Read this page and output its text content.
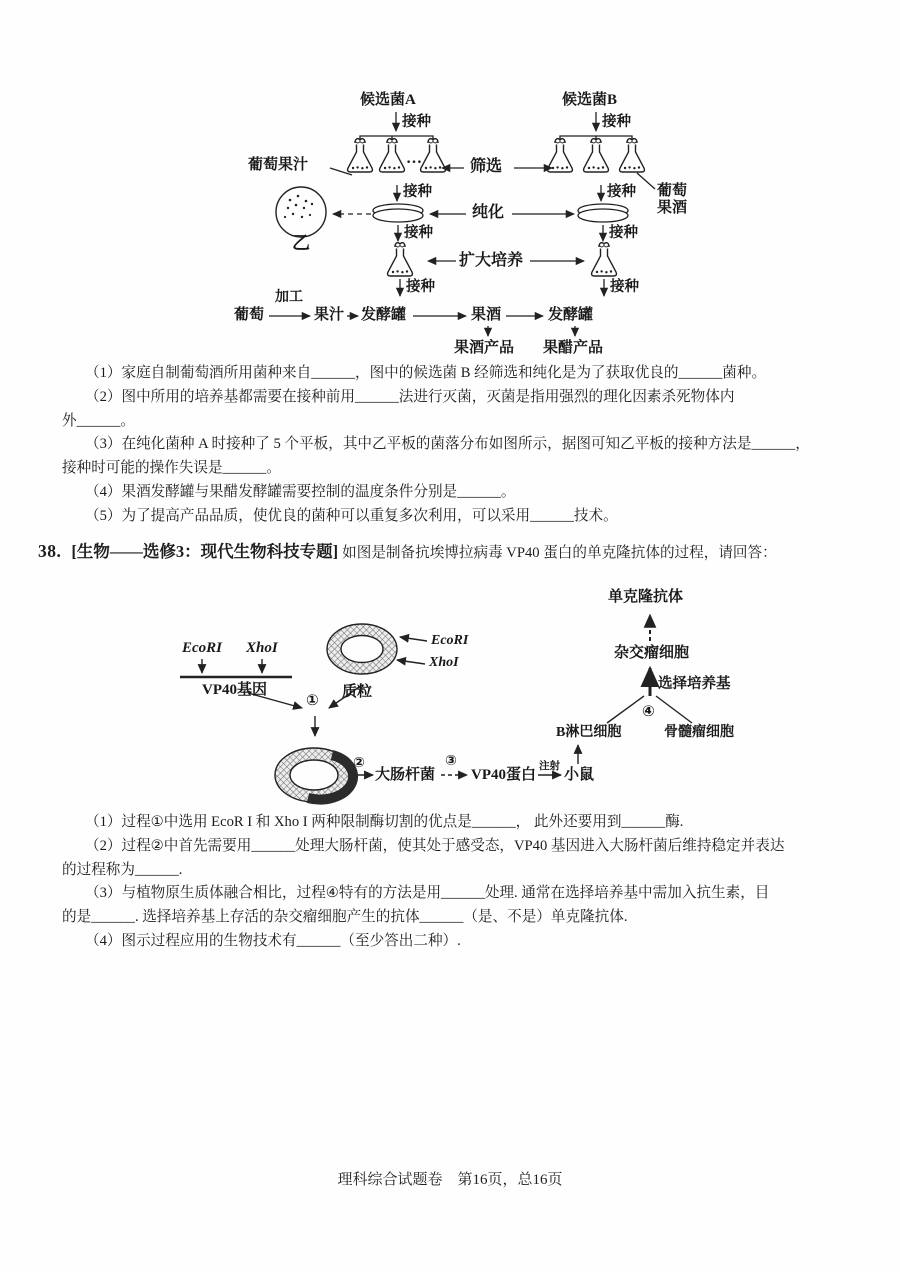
候选菌A	候选菌B
接种	接种
…
葡萄果汁	筛选
葡萄
果酒
接种	接种
纯化
乙	接种	接种
扩大培养
接种	接种
葡萄
加工
果汁 发酵罐	果酒	发酵罐
果酒产品 果醋产品
（1）家庭自制葡萄酒所用菌种来自______，图中的候选菌 B 经筛选和纯化是为了获取优良的______菌种。
（2）图中所用的培养基都需要在接种前用______法进行灭菌，灭菌是指用强烈的理化因素杀死物体内
外______。
（3）在纯化菌种 A 时接种了 5 个平板，其中乙平板的菌落分布如图所示，据图可知乙平板的接种方法是______，
接种时可能的操作失误是______。
（4）果酒发酵罐与果醋发酵罐需要控制的温度条件分别是______。
（5）为了提高产品品质，使优良的菌种可以重复多次利用，可以采用______技术。
38. [生物——选修3：现代生物科技专题] 如图是制备抗埃博拉病毒 VP40 蛋白的单克隆抗体的过程，请回答：
EcoRI XhoI
VP40基因	质粒
EcoRI
XhoI
①
②	③
大肠杆菌 VP40蛋白
注射
小鼠
B淋巴细胞	骨髓瘤细胞
④
选择培养基
杂交瘤细胞
单克隆抗体
（1）过程①中选用 EcoR I 和 Xho I 两种限制酶切割的优点是______， 此外还要用到______酶.
（2）过程②中首先需要用______处理大肠杆菌，使其处于感受态，VP40 基因进入大肠杆菌后维持稳定并表达
的过程称为______.
（3）与植物原生质体融合相比，过程④特有的方法是用______处理. 通常在选择培养基中需加入抗生素，目
的是______. 选择培养基上存活的杂交瘤细胞产生的抗体______（是、不是）单克隆抗体.
（4）图示过程应用的生物技术有______（至少答出二种）.
理科综合试题卷　第16页，总16页
